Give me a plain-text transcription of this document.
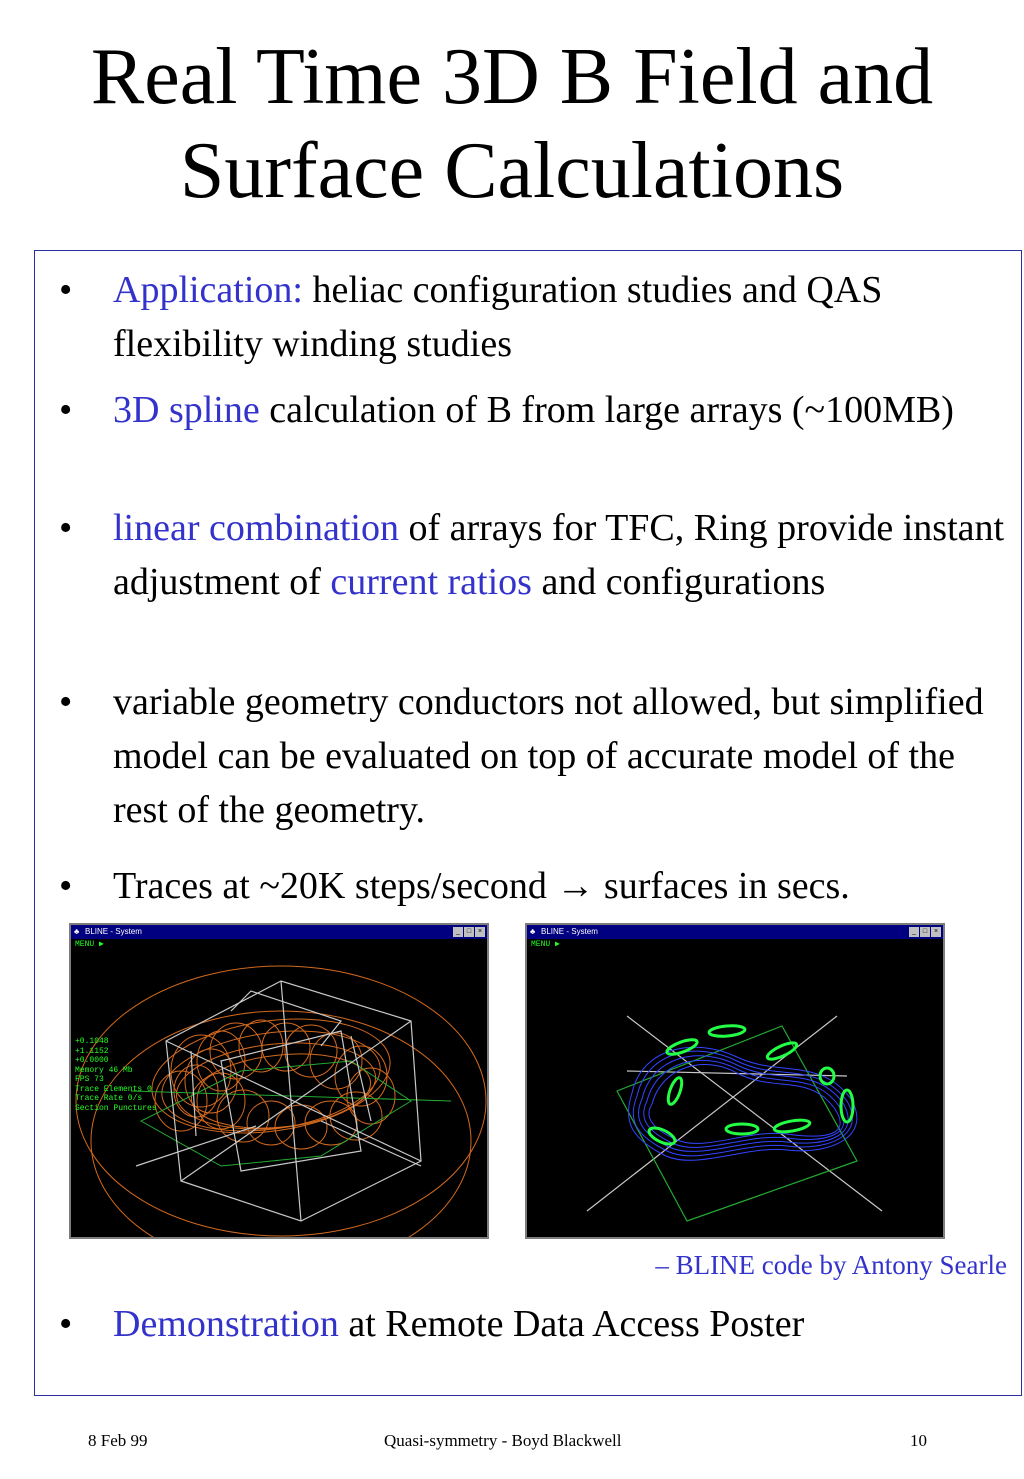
Real Time 3D B Field and
Surface Calculations
•	Application: heliac configuration studies and QAS flexibility winding studies
•	3D spline calculation of B from large arrays (~100MB)
•	linear combination of arrays for TFC, Ring provide instant adjustment of current ratios and configurations
•	variable geometry conductors not allowed, but simplified model can be evaluated on top of accurate model of the rest of the geometry.
•	Traces at ~20K steps/second → surfaces in secs.
♣ BLINE - System	_ □ ×
MENU ▶
+0.1048
+1.1152
+0.0000
Memory 46 Mb
FPS 73
Trace Elements 0
Trace Rate 0/s
Section Punctures
♣ BLINE - System	_ □ ×
MENU ▶
– BLINE code by Antony Searle
•	Demonstration at Remote Data Access Poster
8 Feb 99	Quasi-symmetry - Boyd Blackwell	10
